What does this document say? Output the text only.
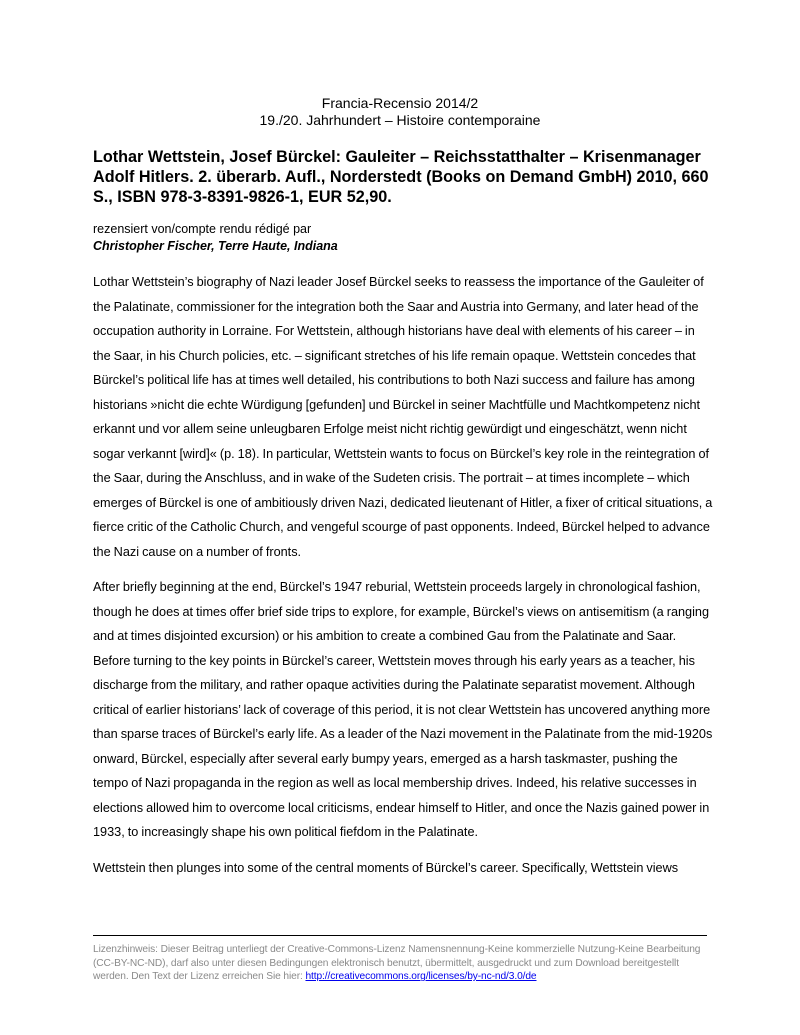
Francia-Recensio 2014/2
19./20. Jahrhundert – Histoire contemporaine
Lothar Wettstein, Josef Bürckel: Gauleiter – Reichsstatthalter – Krisenmanager Adolf Hitlers. 2. überarb. Aufl., Norderstedt (Books on Demand GmbH) 2010, 660 S., ISBN 978-3-8391-9826-1, EUR 52,90.
rezensiert von/compte rendu rédigé par
Christopher Fischer, Terre Haute, Indiana

Lothar Wettstein’s biography of Nazi leader Josef Bürckel seeks to reassess the importance of the Gauleiter of the Palatinate, commissioner for the integration both the Saar and Austria into Germany, and later head of the occupation authority in Lorraine. For Wettstein, although historians have deal with elements of his career – in the Saar, in his Church policies, etc. – significant stretches of his life remain opaque. Wettstein concedes that Bürckel’s political life has at times well detailed, his contributions to both Nazi success and failure has among historians »nicht die echte Würdigung [gefunden] und Bürckel in seiner Machtfülle und Machtkompetenz nicht erkannt und vor allem seine unleugbaren Erfolge meist nicht richtig gewürdigt und eingeschätzt, wenn nicht sogar verkannt [wird]« (p. 18). In particular, Wettstein wants to focus on Bürckel’s key role in the reintegration of the Saar, during the Anschluss, and in wake of the Sudeten crisis. The portrait – at times incomplete – which emerges of Bürckel is one of ambitiously driven Nazi, dedicated lieutenant of Hitler, a fixer of critical situations, a fierce critic of the Catholic Church, and vengeful scourge of past opponents. Indeed, Bürckel helped to advance the Nazi cause on a number of fronts.

After briefly beginning at the end, Bürckel’s 1947 reburial, Wettstein proceeds largely in chronological fashion, though he does at times offer brief side trips to explore, for example, Bürckel’s views on antisemitism (a ranging and at times disjointed excursion) or his ambition to create a combined Gau from the Palatinate and Saar. Before turning to the key points in Bürckel’s career, Wettstein moves through his early years as a teacher, his discharge from the military, and rather opaque activities during the Palatinate separatist movement. Although critical of earlier historians’ lack of coverage of this period, it is not clear Wettstein has uncovered anything more than sparse traces of Bürckel’s early life. As a leader of the Nazi movement in the Palatinate from the mid-1920s onward, Bürckel, especially after several early bumpy years, emerged as a harsh taskmaster, pushing the tempo of Nazi propaganda in the region as well as local membership drives. Indeed, his relative successes in elections allowed him to overcome local criticisms, endear himself to Hitler, and once the Nazis gained power in 1933, to increasingly shape his own political fiefdom in the Palatinate.

Wettstein then plunges into some of the central moments of Bürckel’s career. Specifically, Wettstein views

Lizenzhinweis: Dieser Beitrag unterliegt der Creative-Commons-Lizenz Namensnennung-Keine kommerzielle Nutzung-Keine Bearbeitung (CC-BY-NC-ND), darf also unter diesen Bedingungen elektronisch benutzt, übermittelt, ausgedruckt und zum Download bereitgestellt werden. Den Text der Lizenz erreichen Sie hier: http://creativecommons.org/licenses/by-nc-nd/3.0/de
